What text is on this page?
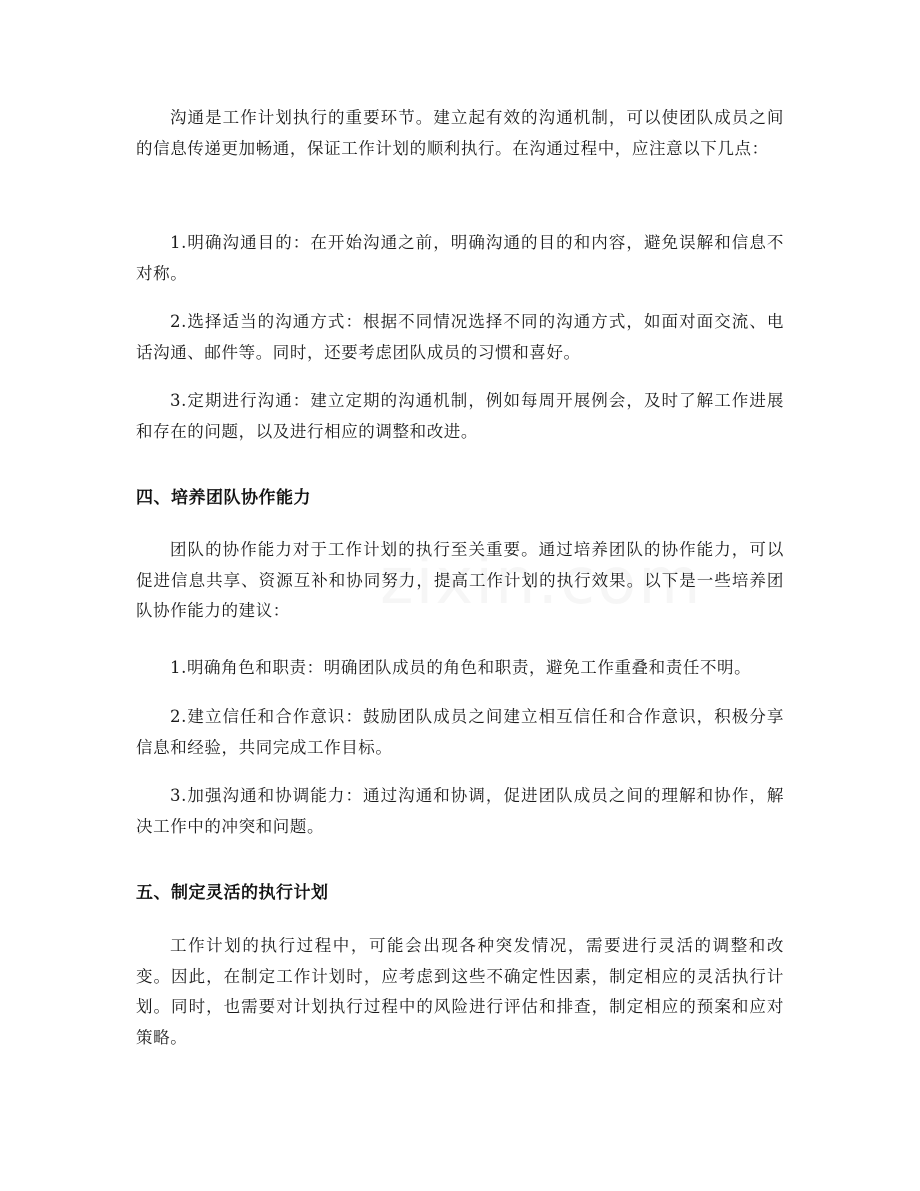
沟通是工作计划执行的重要环节。建立起有效的沟通机制，可以使团队成员之间的信息传递更加畅通，保证工作计划的顺利执行。在沟通过程中，应注意以下几点：

1.明确沟通目的：在开始沟通之前，明确沟通的目的和内容，避免误解和信息不对称。

2.选择适当的沟通方式：根据不同情况选择不同的沟通方式，如面对面交流、电话沟通、邮件等。同时，还要考虑团队成员的习惯和喜好。

3.定期进行沟通：建立定期的沟通机制，例如每周开展例会，及时了解工作进展和存在的问题，以及进行相应的调整和改进。

四、培养团队协作能力

团队的协作能力对于工作计划的执行至关重要。通过培养团队的协作能力，可以促进信息共享、资源互补和协同努力，提高工作计划的执行效果。以下是一些培养团队协作能力的建议：

1.明确角色和职责：明确团队成员的角色和职责，避免工作重叠和责任不明。

2.建立信任和合作意识：鼓励团队成员之间建立相互信任和合作意识，积极分享信息和经验，共同完成工作目标。

3.加强沟通和协调能力：通过沟通和协调，促进团队成员之间的理解和协作，解决工作中的冲突和问题。

五、制定灵活的执行计划

工作计划的执行过程中，可能会出现各种突发情况，需要进行灵活的调整和改变。因此，在制定工作计划时，应考虑到这些不确定性因素，制定相应的灵活执行计划。同时，也需要对计划执行过程中的风险进行评估和排查，制定相应的预案和应对策略。
